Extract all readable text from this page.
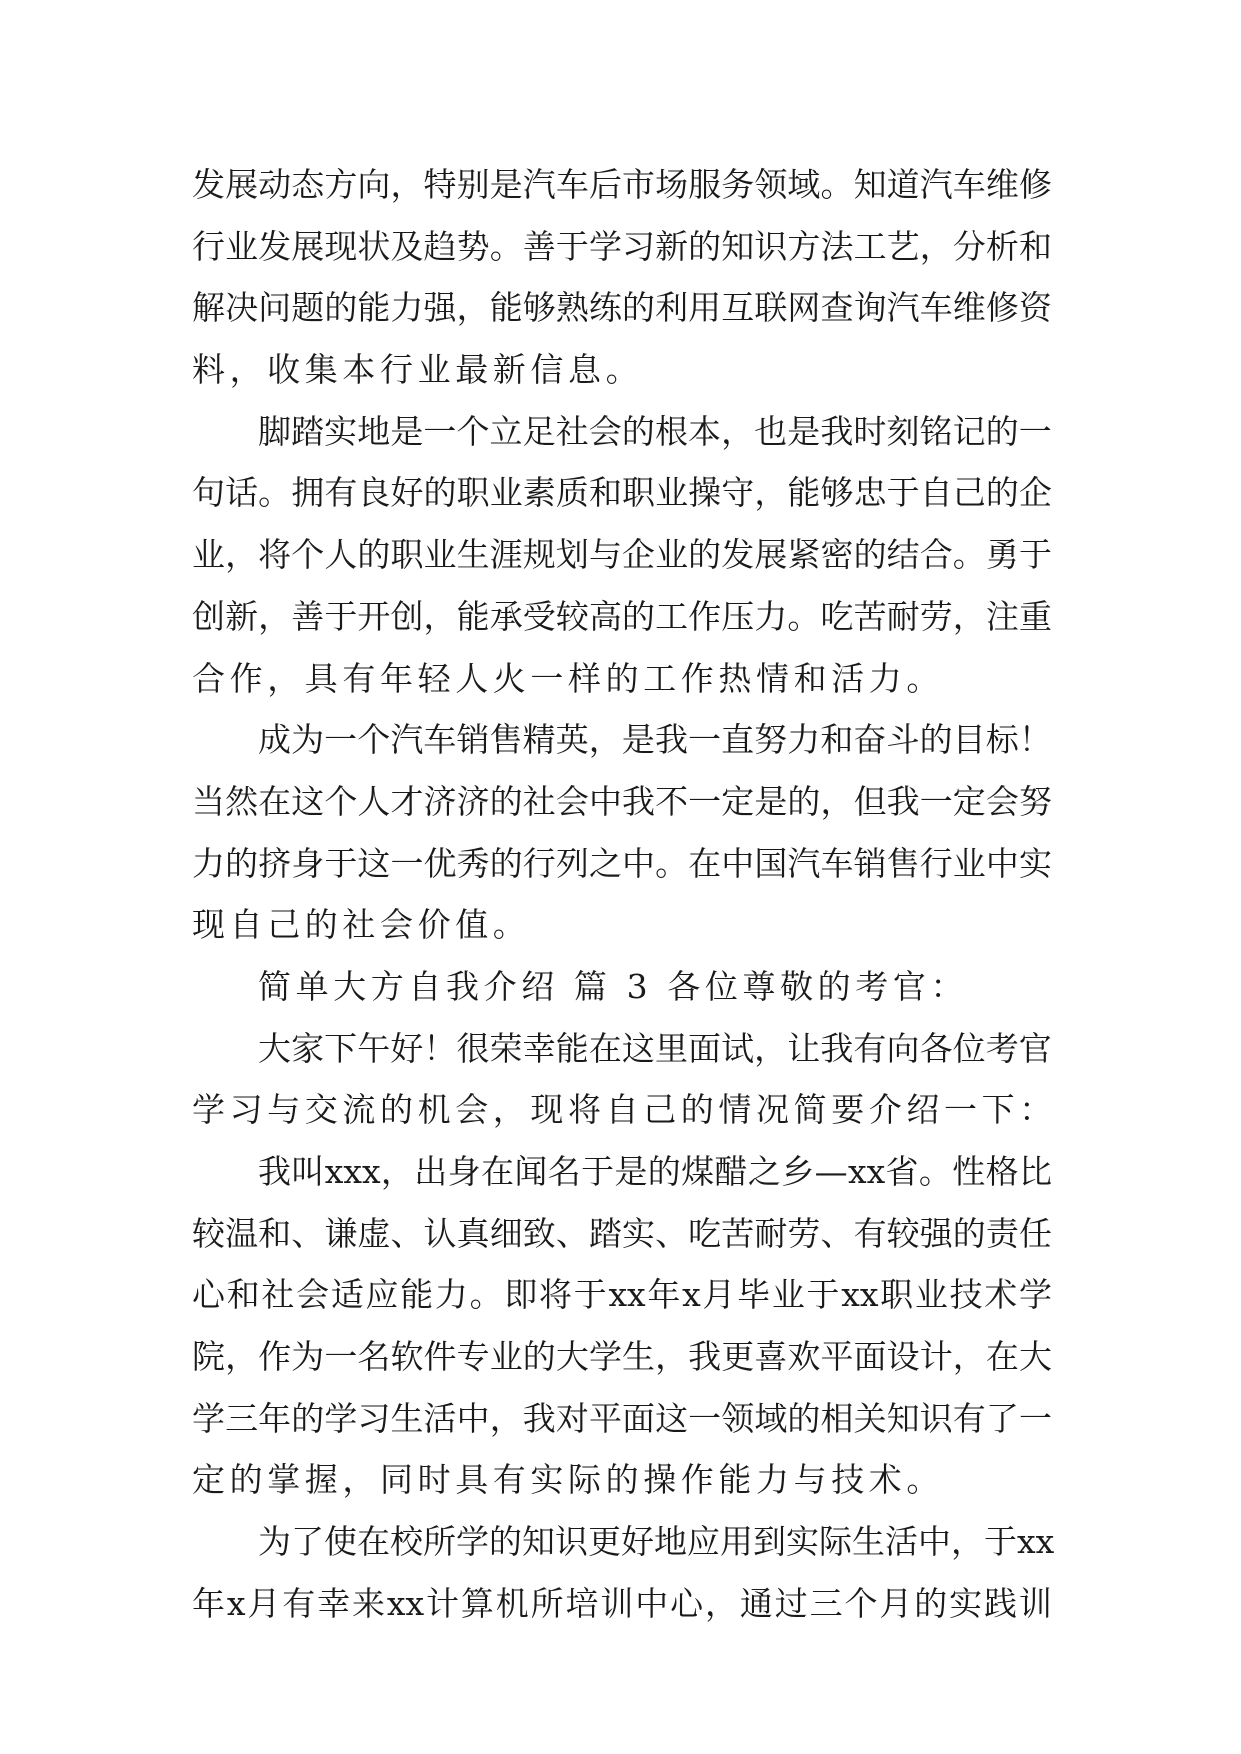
发 展 动 态 方 向 ， 特 别 是 汽 车 后 市 场 服 务 领 域 。 知 道 汽 车 维 修
行 业 发 展 现 状 及 趋 势 。 善 于 学 习 新 的 知 识 方 法 工 艺 ， 分 析 和
解 决 问 题 的 能 力 强 ， 能 够 熟 练 的 利 用 互 联 网 查 询 汽 车 维 修 资
料，收集本行业最新信息。
脚 踏 实 地 是 一 个 立 足 社 会 的 根 本 ， 也 是 我 时 刻 铭 记 的 一
句 话 。 拥 有 良 好 的 职 业 素 质 和 职 业 操 守 ， 能 够 忠 于 自 己 的 企
业 ， 将 个 人 的 职 业 生 涯 规 划 与 企 业 的 发 展 紧 密 的 结 合 。 勇 于
创 新 ， 善 于 开 创 ， 能 承 受 较 高 的 工 作 压 力 。 吃 苦 耐 劳 ， 注 重
合作，具有年轻人火一样的工作热情和活力。
成 为 一 个 汽 车 销 售 精 英 ， 是 我 一 直 努 力 和 奋 斗 的 目 标 ！
当 然 在 这 个 人 才 济 济 的 社 会 中 我 不 一 定 是 的 ， 但 我 一 定 会 努
力 的 挤 身 于 这 一 优 秀 的 行 列 之 中 。 在 中 国 汽 车 销 售 行 业 中 实
现自己的社会价值。
简单大方自我介绍 篇 3 各位尊敬的考官：
大 家 下 午 好 ！ 很 荣 幸 能 在 这 里 面 试 ， 让 我 有 向 各 位 考 官
学习与交流的机会，现将自己的情况简要介绍一下：
我 叫 xxx ， 出 身 在 闻 名 于 是 的 煤 醋 之 乡 — xx 省 。 性 格 比
较 温 和 、 谦 虚 、 认 真 细 致 、 踏 实 、 吃 苦 耐 劳 、 有 较 强 的 责 任
心 和 社 会 适 应 能 力 。 即 将 于 xx 年 x 月 毕 业 于 xx 职 业 技 术 学
院 ， 作 为 一 名 软 件 专 业 的 大 学 生 ， 我 更 喜 欢 平 面 设 计 ， 在 大
学 三 年 的 学 习 生 活 中 ， 我 对 平 面 这 一 领 域 的 相 关 知 识 有 了 一
定的掌握，同时具有实际的操作能力与技术。
为 了 使 在 校 所 学 的 知 识 更 好 地 应 用 到 实 际 生 活 中 ， 于 xx
年 x 月 有 幸 来 xx 计 算 机 所 培 训 中 心 ， 通 过 三 个 月 的 实 践 训
